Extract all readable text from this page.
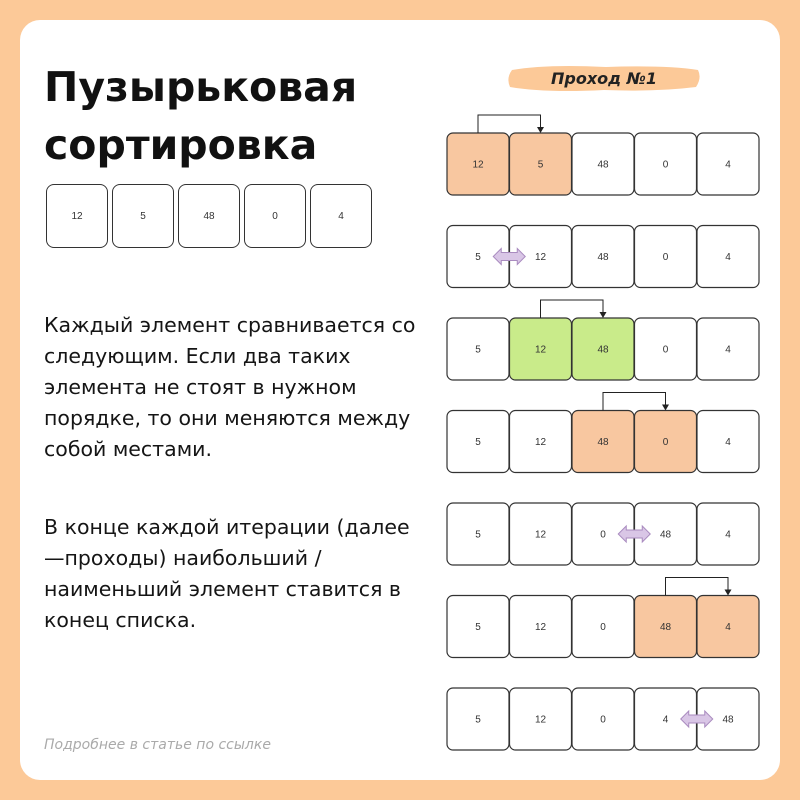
Пузырьковая
сортировка
12	5	48	0	4

Каждый элемент сравнивается со следующим. Если два таких элемента не стоят в нужном порядке, то они меняются между собой местами.

В конце каждой итерации (далее —проходы) наибольший / наименьший элемент ставится в конец списка.

Подробнее в статье по ссылке
Проход №1
12	5	48	0	4
5	12	48	0	4
5	12	48	0	4
5	12	48	0	4
5	12	0	48	4
5	12	0	48	4
5	12	0	4	48
